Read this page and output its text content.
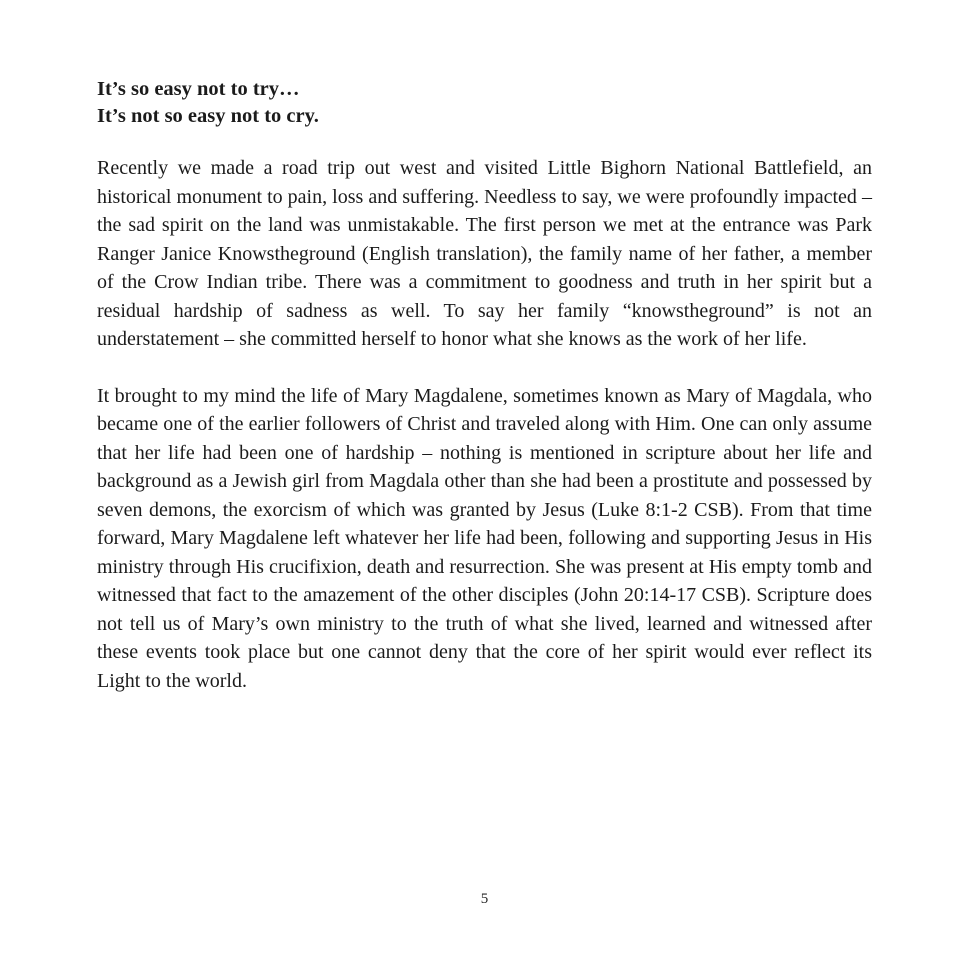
It’s so easy not to try…
It’s not so easy not to cry.

Recently we made a road trip out west and visited Little Bighorn National Battlefield, an historical monument to pain, loss and suffering. Needless to say, we were profoundly impacted – the sad spirit on the land was unmistakable. The first person we met at the entrance was Park Ranger Janice Knowstheground (English translation), the family name of her father, a member of the Crow Indian tribe. There was a commitment to goodness and truth in her spirit but a residual hardship of sadness as well. To say her family “knowstheground” is not an understatement – she committed herself to honor what she knows as the work of her life.

It brought to my mind the life of Mary Magdalene, sometimes known as Mary of Magdala, who became one of the earlier followers of Christ and traveled along with Him. One can only assume that her life had been one of hardship – nothing is mentioned in scripture about her life and background as a Jewish girl from Magdala other than she had been a prostitute and possessed by seven demons, the exorcism of which was granted by Jesus (Luke 8:1-2 CSB). From that time forward, Mary Magdalene left whatever her life had been, following and supporting Jesus in His ministry through His crucifixion, death and resurrection. She was present at His empty tomb and witnessed that fact to the amazement of the other disciples (John 20:14-17 CSB). Scripture does not tell us of Mary’s own ministry to the truth of what she lived, learned and witnessed after these events took place but one cannot deny that the core of her spirit would ever reflect its Light to the world.

5
